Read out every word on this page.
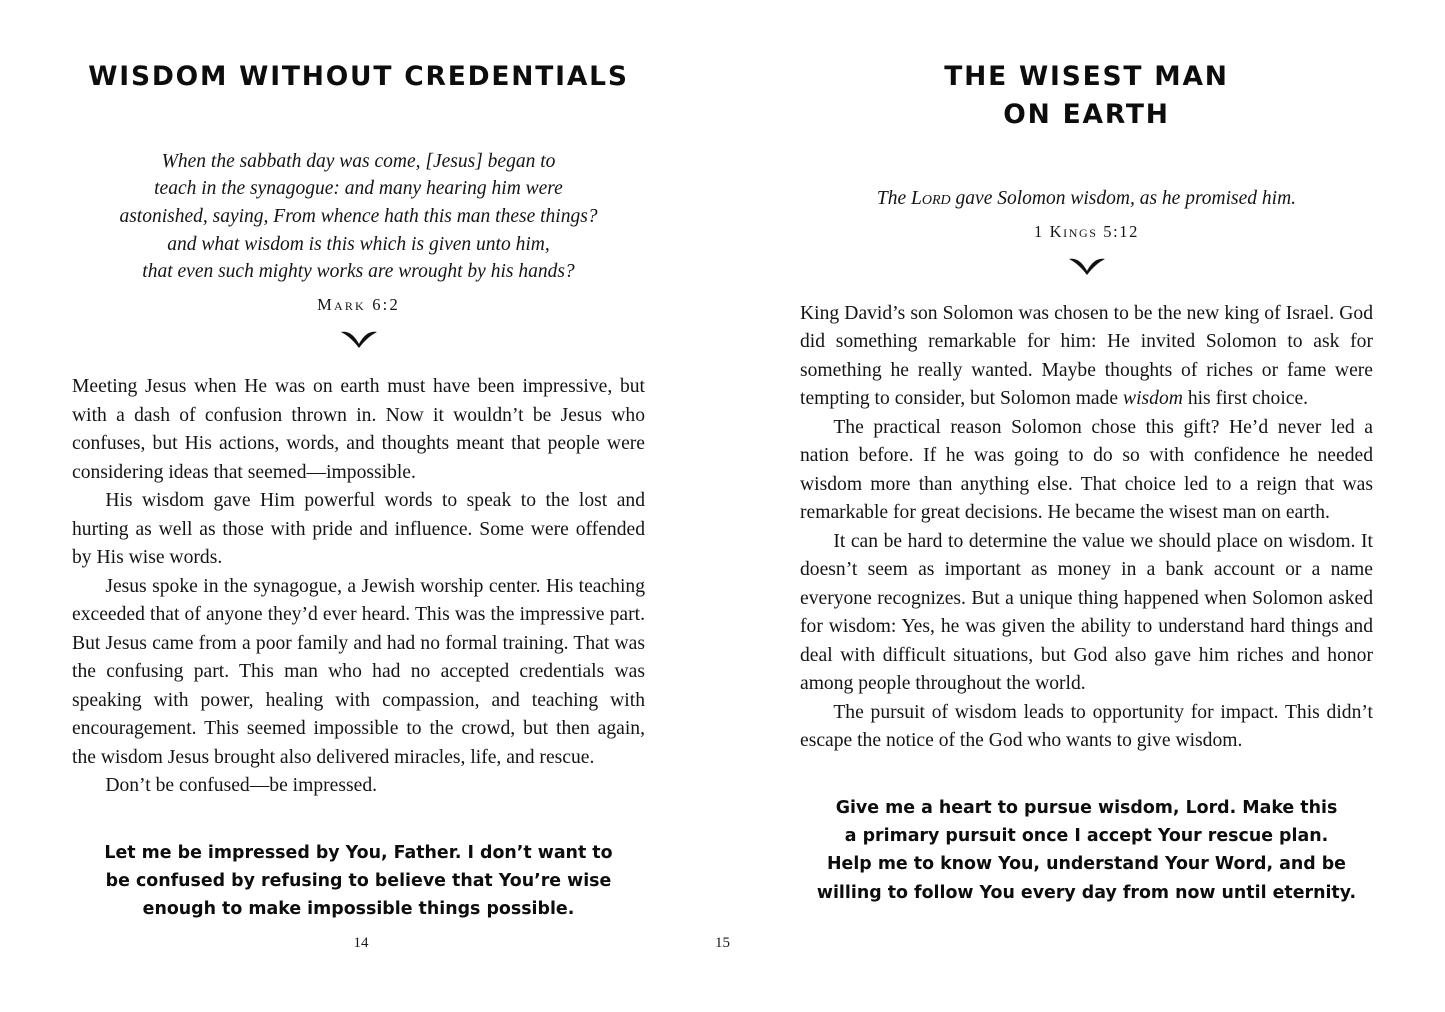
WISDOM WITHOUT CREDENTIALS
When the sabbath day was come, [Jesus] began to
teach in the synagogue: and many hearing him were
astonished, saying, From whence hath this man these things?
and what wisdom is this which is given unto him,
that even such mighty works are wrought by his hands?
Mark 6:2

Meeting Jesus when He was on earth must have been impressive, but with a dash of confusion thrown in. Now it wouldn’t be Jesus who confuses, but His actions, words, and thoughts meant that people were considering ideas that seemed—impossible.

His wisdom gave Him powerful words to speak to the lost and hurting as well as those with pride and influence. Some were offended by His wise words.

Jesus spoke in the synagogue, a Jewish worship center. His teaching exceeded that of anyone they’d ever heard. This was the impressive part. But Jesus came from a poor family and had no formal training. That was the confusing part. This man who had no accepted credentials was speaking with power, healing with compassion, and teaching with encouragement. This seemed impossible to the crowd, but then again, the wisdom Jesus brought also delivered miracles, life, and rescue.

Don’t be confused—be impressed.

Let me be impressed by You, Father. I don’t want to
be confused by refusing to believe that You’re wise
enough to make impossible things possible.
14
THE WISEST MAN
ON EARTH
The Lord gave Solomon wisdom, as he promised him.
1 Kings 5:12

King David’s son Solomon was chosen to be the new king of Israel. God did something remarkable for him: He invited Solomon to ask for something he really wanted. Maybe thoughts of riches or fame were tempting to consider, but Solomon made wisdom his first choice.

The practical reason Solomon chose this gift? He’d never led a nation before. If he was going to do so with confidence he needed wisdom more than anything else. That choice led to a reign that was remarkable for great decisions. He became the wisest man on earth.

It can be hard to determine the value we should place on wisdom. It doesn’t seem as important as money in a bank account or a name everyone recognizes. But a unique thing happened when Solomon asked for wisdom: Yes, he was given the ability to understand hard things and deal with difficult situations, but God also gave him riches and honor among people throughout the world.

The pursuit of wisdom leads to opportunity for impact. This didn’t escape the notice of the God who wants to give wisdom.

Give me a heart to pursue wisdom, Lord. Make this
a primary pursuit once I accept Your rescue plan.
Help me to know You, understand Your Word, and be
willing to follow You every day from now until eternity.
15
